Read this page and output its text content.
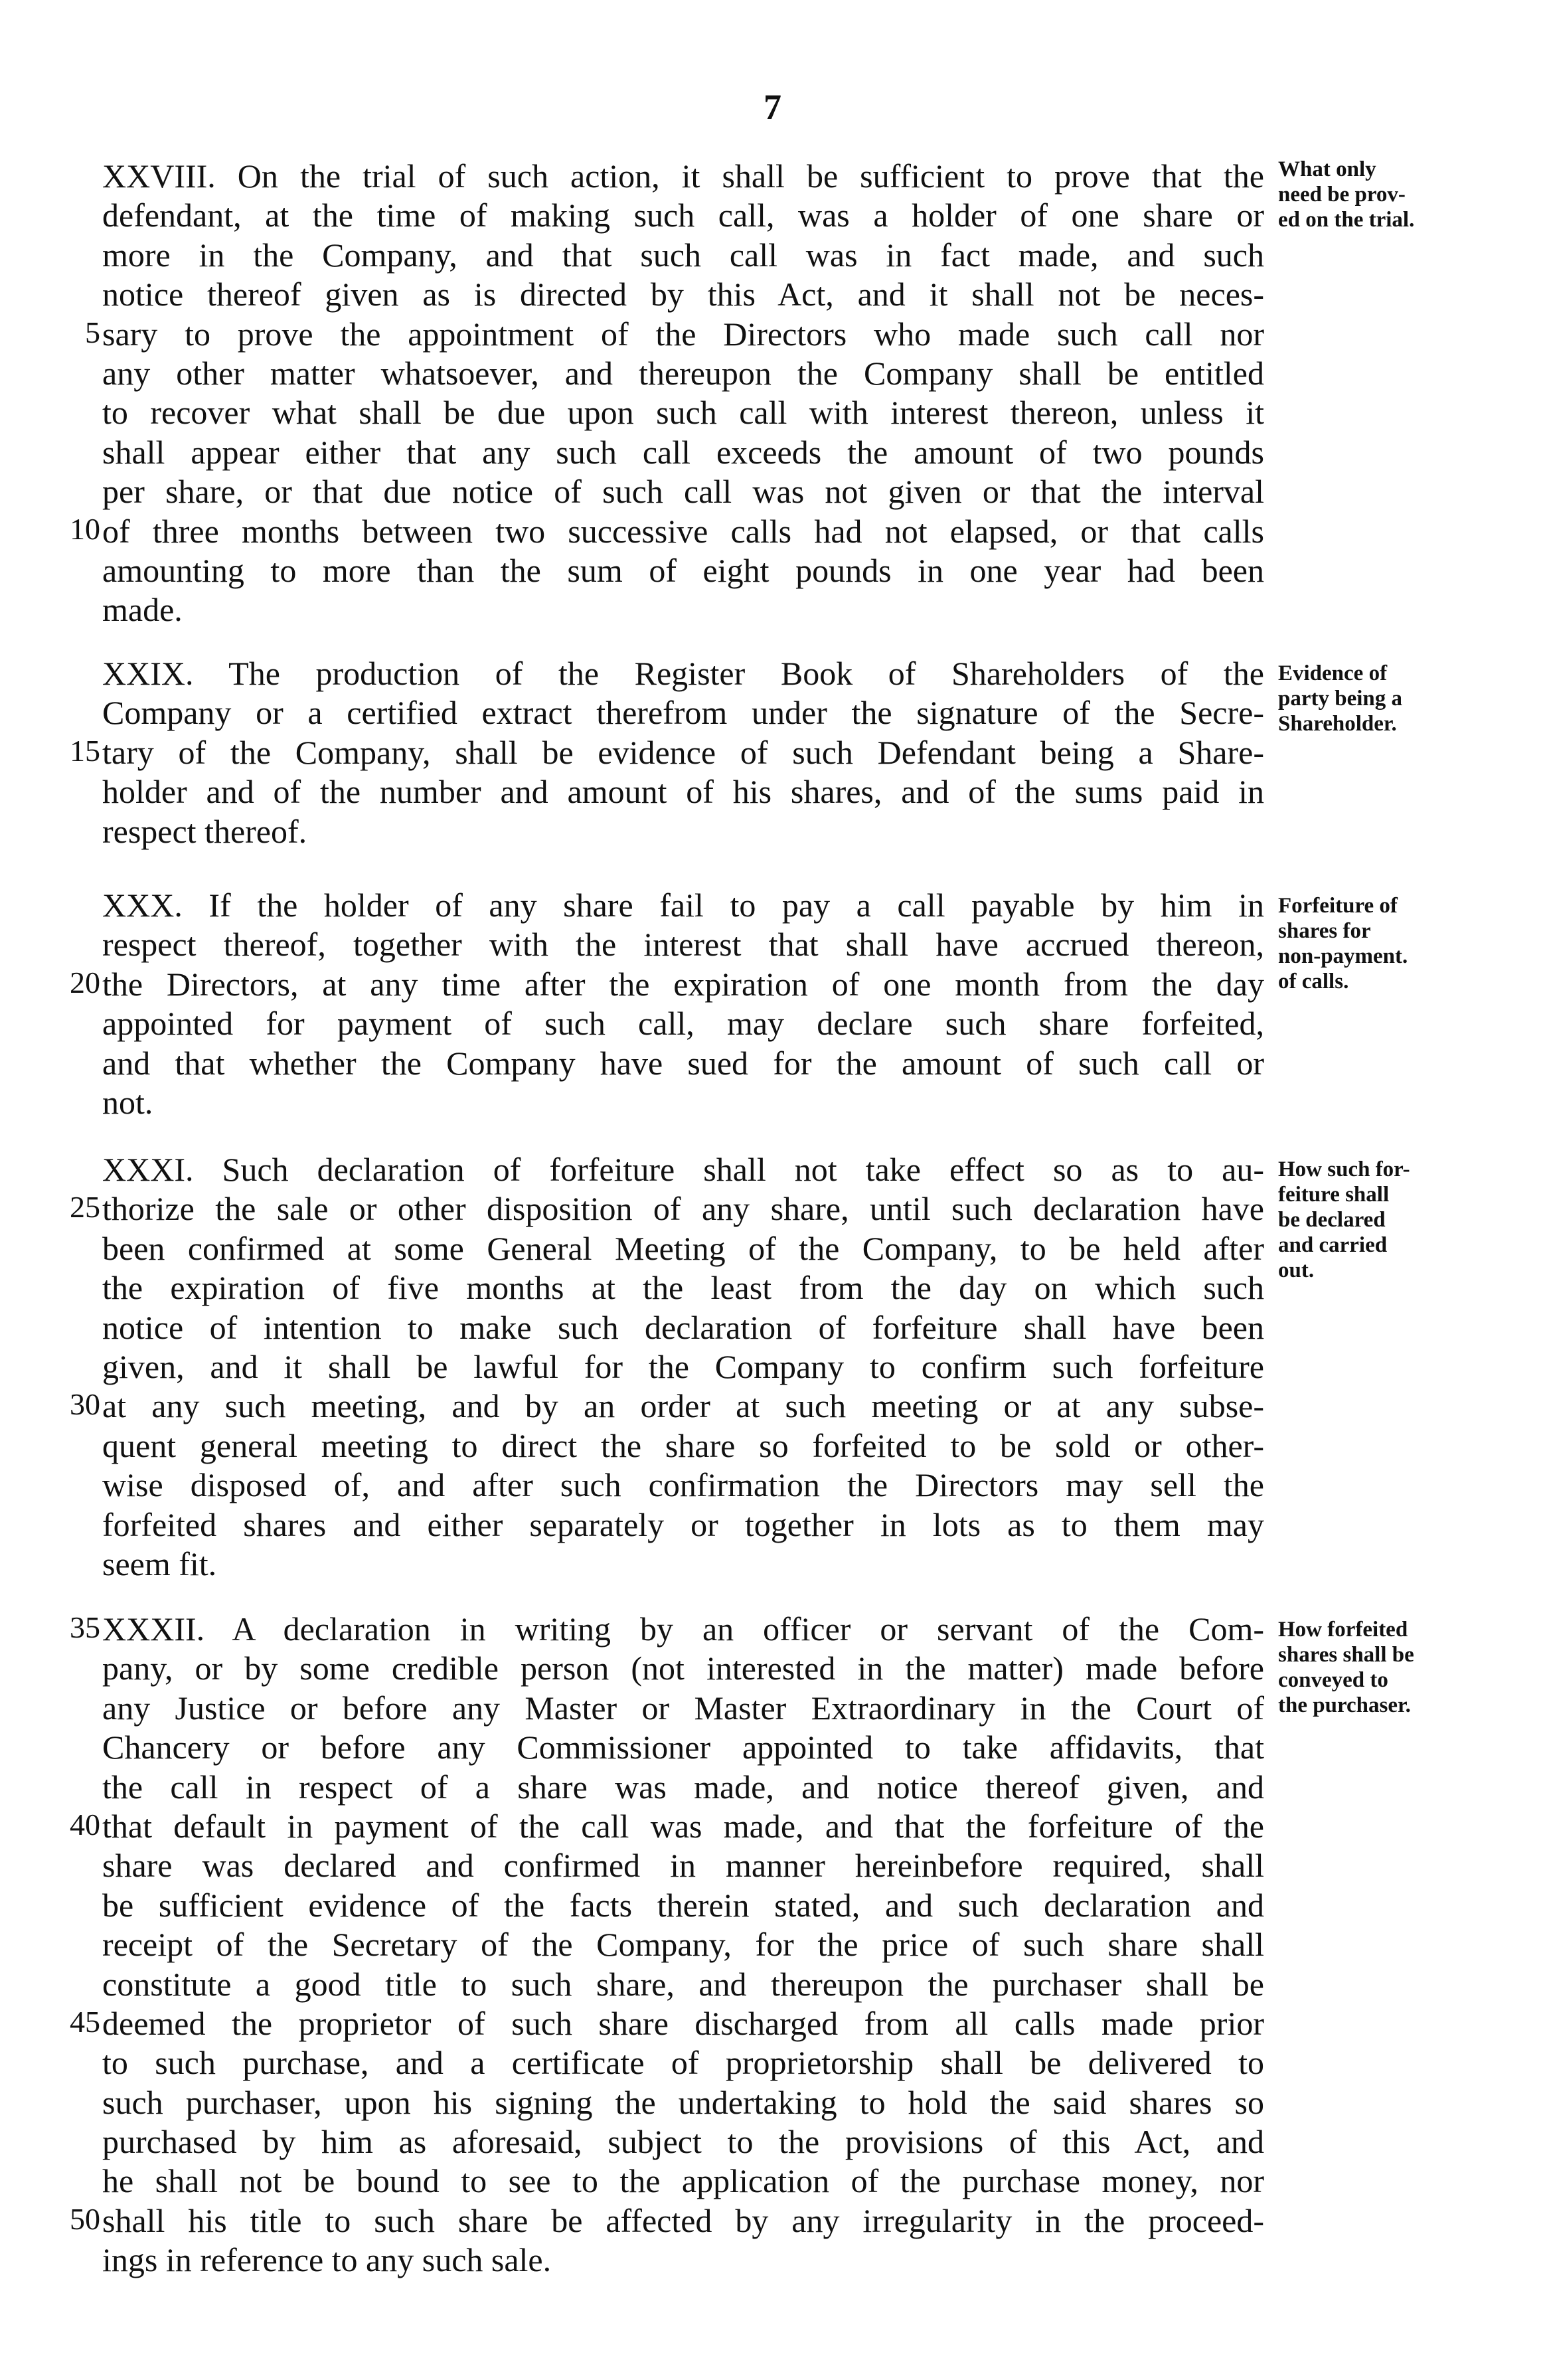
7
XXVIII. On the trial of such action, it shall be sufficient to prove that the
defendant, at the time of making such call, was a holder of one share or
more in the Company, and that such call was in fact made, and such
notice thereof given as is directed by this Act, and it shall not be neces-
sary to prove the appointment of the Directors who made such call nor
any other matter whatsoever, and thereupon the Company shall be entitled
to recover what shall be due upon such call with interest thereon, unless it
shall appear either that any such call exceeds the amount of two pounds
per share, or that due notice of such call was not given or that the interval
of three months between two successive calls had not elapsed, or that calls
amounting to more than the sum of eight pounds in one year had been
made.
What only
need be prov-
ed on the trial.
XXIX. The production of the Register Book of Shareholders of the
Company or a certified extract therefrom under the signature of the Secre-
tary of the Company, shall be evidence of such Defendant being a Share-
holder and of the number and amount of his shares, and of the sums paid in
respect thereof.
Evidence of
party being a
Shareholder.
XXX. If the holder of any share fail to pay a call payable by him in
respect thereof, together with the interest that shall have accrued thereon,
the Directors, at any time after the expiration of one month from the day
appointed for payment of such call, may declare such share forfeited,
and that whether the Company have sued for the amount of such call or
not.
Forfeiture of
shares for
non-payment.
of calls.
XXXI. Such declaration of forfeiture shall not take effect so as to au-
thorize the sale or other disposition of any share, until such declaration have
been confirmed at some General Meeting of the Company, to be held after
the expiration of five months at the least from the day on which such
notice of intention to make such declaration of forfeiture shall have been
given, and it shall be lawful for the Company to confirm such forfeiture
at any such meeting, and by an order at such meeting or at any subse-
quent general meeting to direct the share so forfeited to be sold or other-
wise disposed of, and after such confirmation the Directors may sell the
forfeited shares and either separately or together in lots as to them may
seem fit.
How such for-
feiture shall
be declared
and carried
out.
XXXII. A declaration in writing by an officer or servant of the Com-
pany, or by some credible person (not interested in the matter) made before
any Justice or before any Master or Master Extraordinary in the Court of
Chancery or before any Commissioner appointed to take affidavits, that
the call in respect of a share was made, and notice thereof given, and
that default in payment of the call was made, and that the forfeiture of the
share was declared and confirmed in manner hereinbefore required, shall
be sufficient evidence of the facts therein stated, and such declaration and
receipt of the Secretary of the Company, for the price of such share shall
constitute a good title to such share, and thereupon the purchaser shall be
deemed the proprietor of such share discharged from all calls made prior
to such purchase, and a certificate of proprietorship shall be delivered to
such purchaser, upon his signing the undertaking to hold the said shares so
purchased by him as aforesaid, subject to the provisions of this Act, and
he shall not be bound to see to the application of the purchase money, nor
shall his title to such share be affected by any irregularity in the proceed-
ings in reference to any such sale.
How forfeited
shares shall be
conveyed to
the purchaser.
5
10
15
20
25
30
35
40
45
50
